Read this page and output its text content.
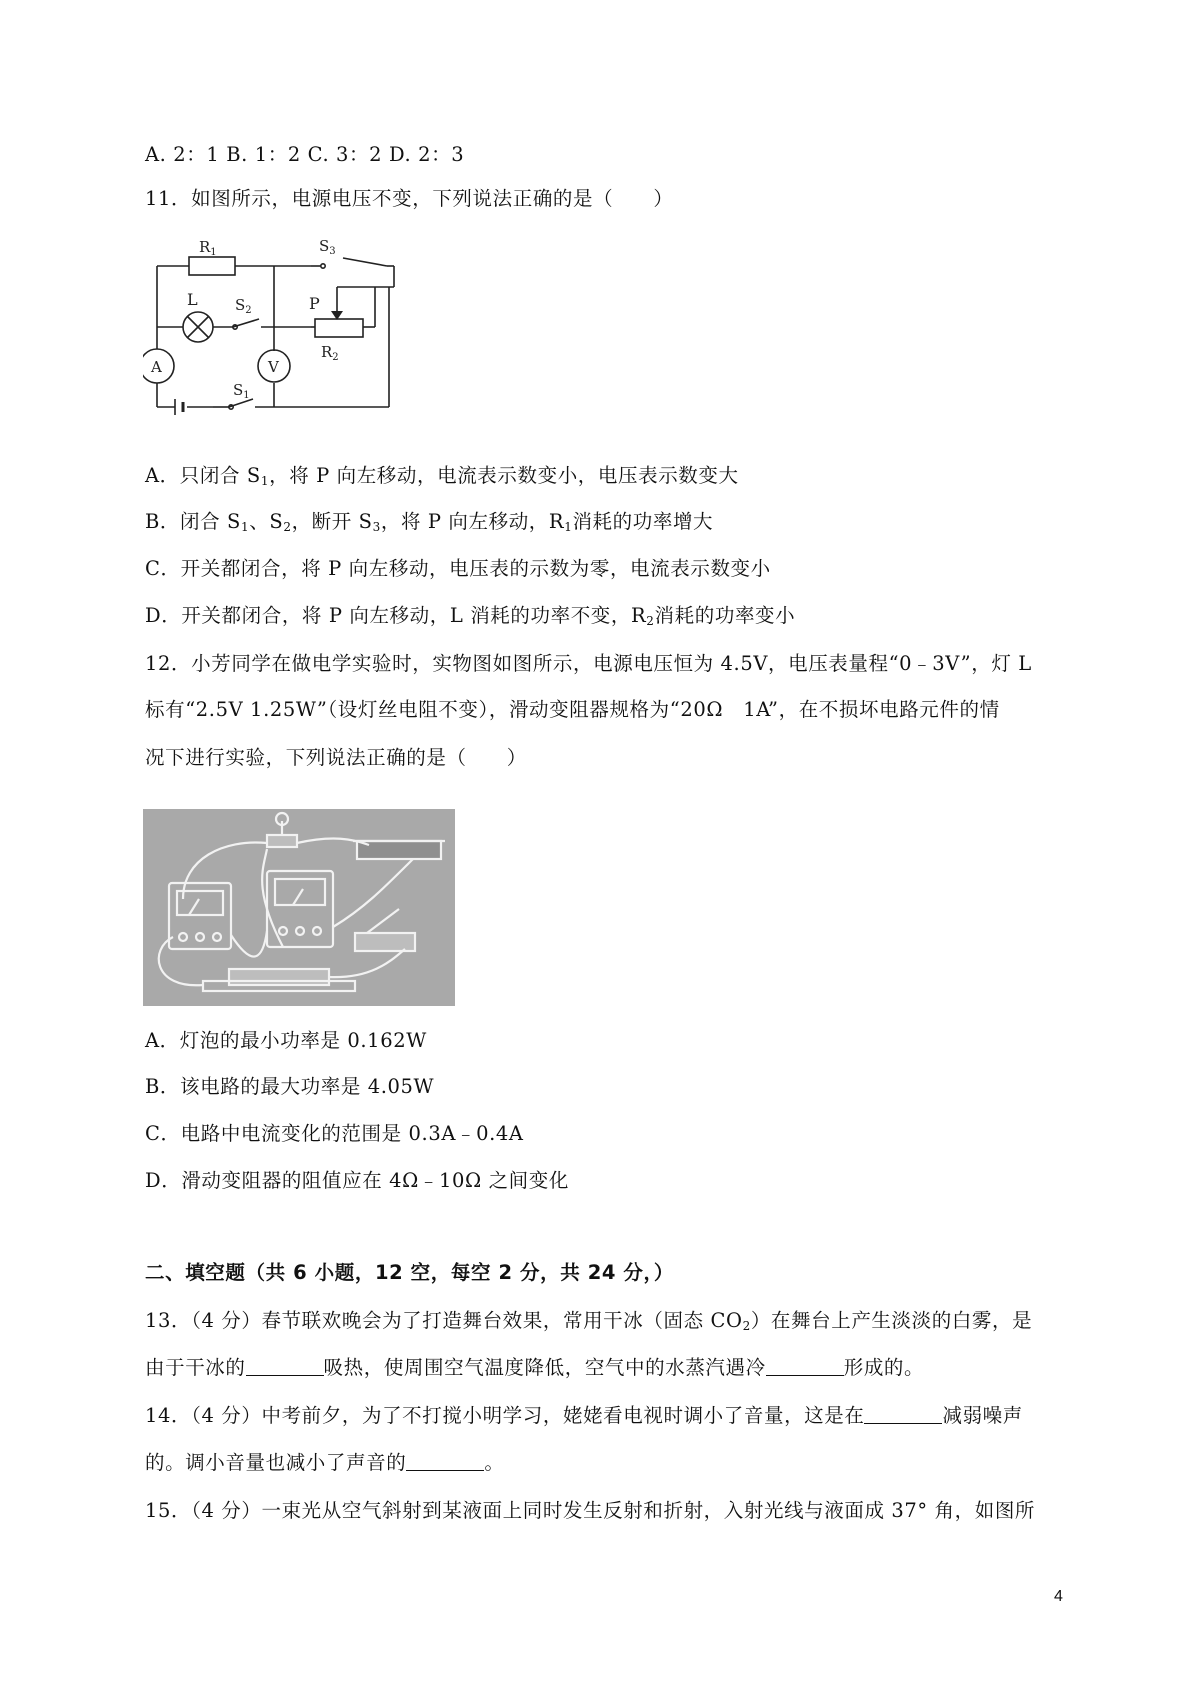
A. 2：1 B. 1：2 C. 3：2 D. 2：3
11．如图所示，电源电压不变，下列说法正确的是（　　）
$R_1$	$S_3$
L $S_2$	P
$R_2$
A	V
$S_1$
A．只闭合 $S_1$，将 P 向左移动，电流表示数变小，电压表示数变大
B．闭合 $S_1$、$S_2$，断开 $S_3$，将 P 向左移动，$R_1$消耗的功率增大
C．开关都闭合，将 P 向左移动，电压表的示数为零，电流表示数变小
D．开关都闭合，将 P 向左移动，L 消耗的功率不变，$R_2$消耗的功率变小
12．小芳同学在做电学实验时，实物图如图所示，电源电压恒为 4.5V，电压表量程“0﹣3V”，灯 L
标有“2.5V 1.25W”（设灯丝电阻不变），滑动变阻器规格为“20Ω　1A”，在不损坏电路元件的情
况下进行实验，下列说法正确的是（　　）
A．灯泡的最小功率是 0.162W
B．该电路的最大功率是 4.05W
C．电路中电流变化的范围是 0.3A﹣0.4A
D．滑动变阻器的阻值应在 4Ω﹣10Ω 之间变化
二、填空题（共 6 小题，12 空，每空 2 分，共 24 分，）
13．（4 分）春节联欢晚会为了打造舞台效果，常用干冰（固态 $CO_2$）在舞台上产生淡淡的白雾，是
由于干冰的	吸热，使周围空气温度降低，空气中的水蒸汽遇冷	形成的。
14．（4 分）中考前夕，为了不打搅小明学习，姥姥看电视时调小了音量，这是在	减弱噪声
的。调小音量也减小了声音的	。
15．（4 分）一束光从空气斜射到某液面上同时发生反射和折射，入射光线与液面成 37° 角，如图所
4
